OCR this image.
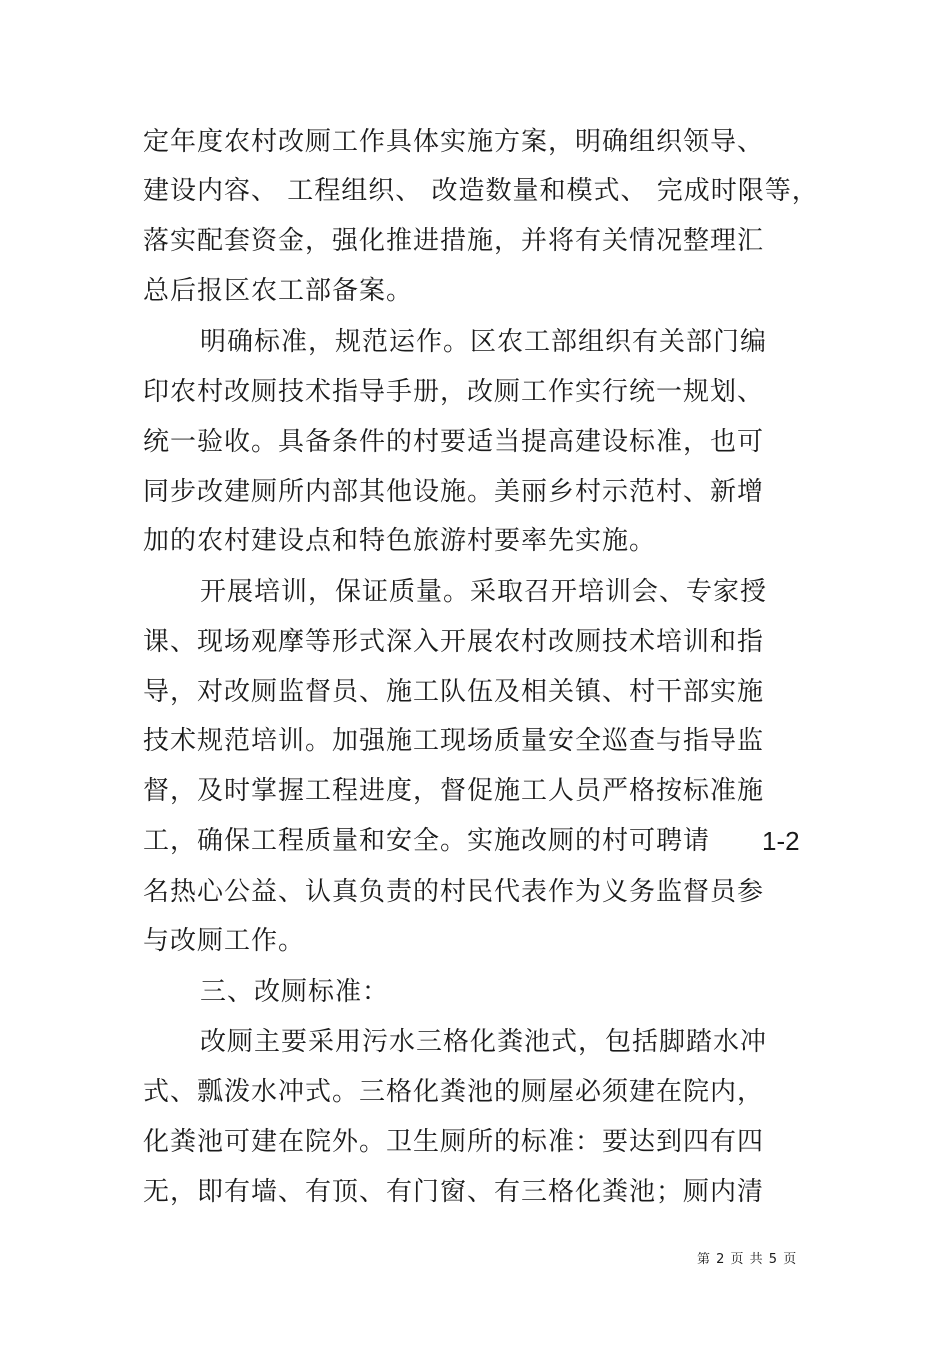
定年度农村改厕工作具体实施方案，明确组织领导、
建设内容、 工程组织、 改造数量和模式、 完成时限等，
落实配套资金，强化推进措施，并将有关情况整理汇
总后报区农工部备案。
明确标准，规范运作。区农工部组织有关部门编
印农村改厕技术指导手册，改厕工作实行统一规划、
统一验收。具备条件的村要适当提高建设标准，也可
同步改建厕所内部其他设施。美丽乡村示范村、新增
加的农村建设点和特色旅游村要率先实施。
开展培训，保证质量。采取召开培训会、专家授
课、现场观摩等形式深入开展农村改厕技术培训和指
导，对改厕监督员、施工队伍及相关镇、村干部实施
技术规范培训。加强施工现场质量安全巡查与指导监
督，及时掌握工程进度，督促施工人员严格按标准施
工，确保工程质量和安全。实施改厕的村可聘请 1-2
名热心公益、认真负责的村民代表作为义务监督员参
与改厕工作。
三、改厕标准：
改厕主要采用污水三格化粪池式，包括脚踏水冲
式、瓢泼水冲式。三格化粪池的厕屋必须建在院内，
化粪池可建在院外。卫生厕所的标准：要达到四有四
无，即有墙、有顶、有门窗、有三格化粪池；厕内清
第 2 页 共 5 页
